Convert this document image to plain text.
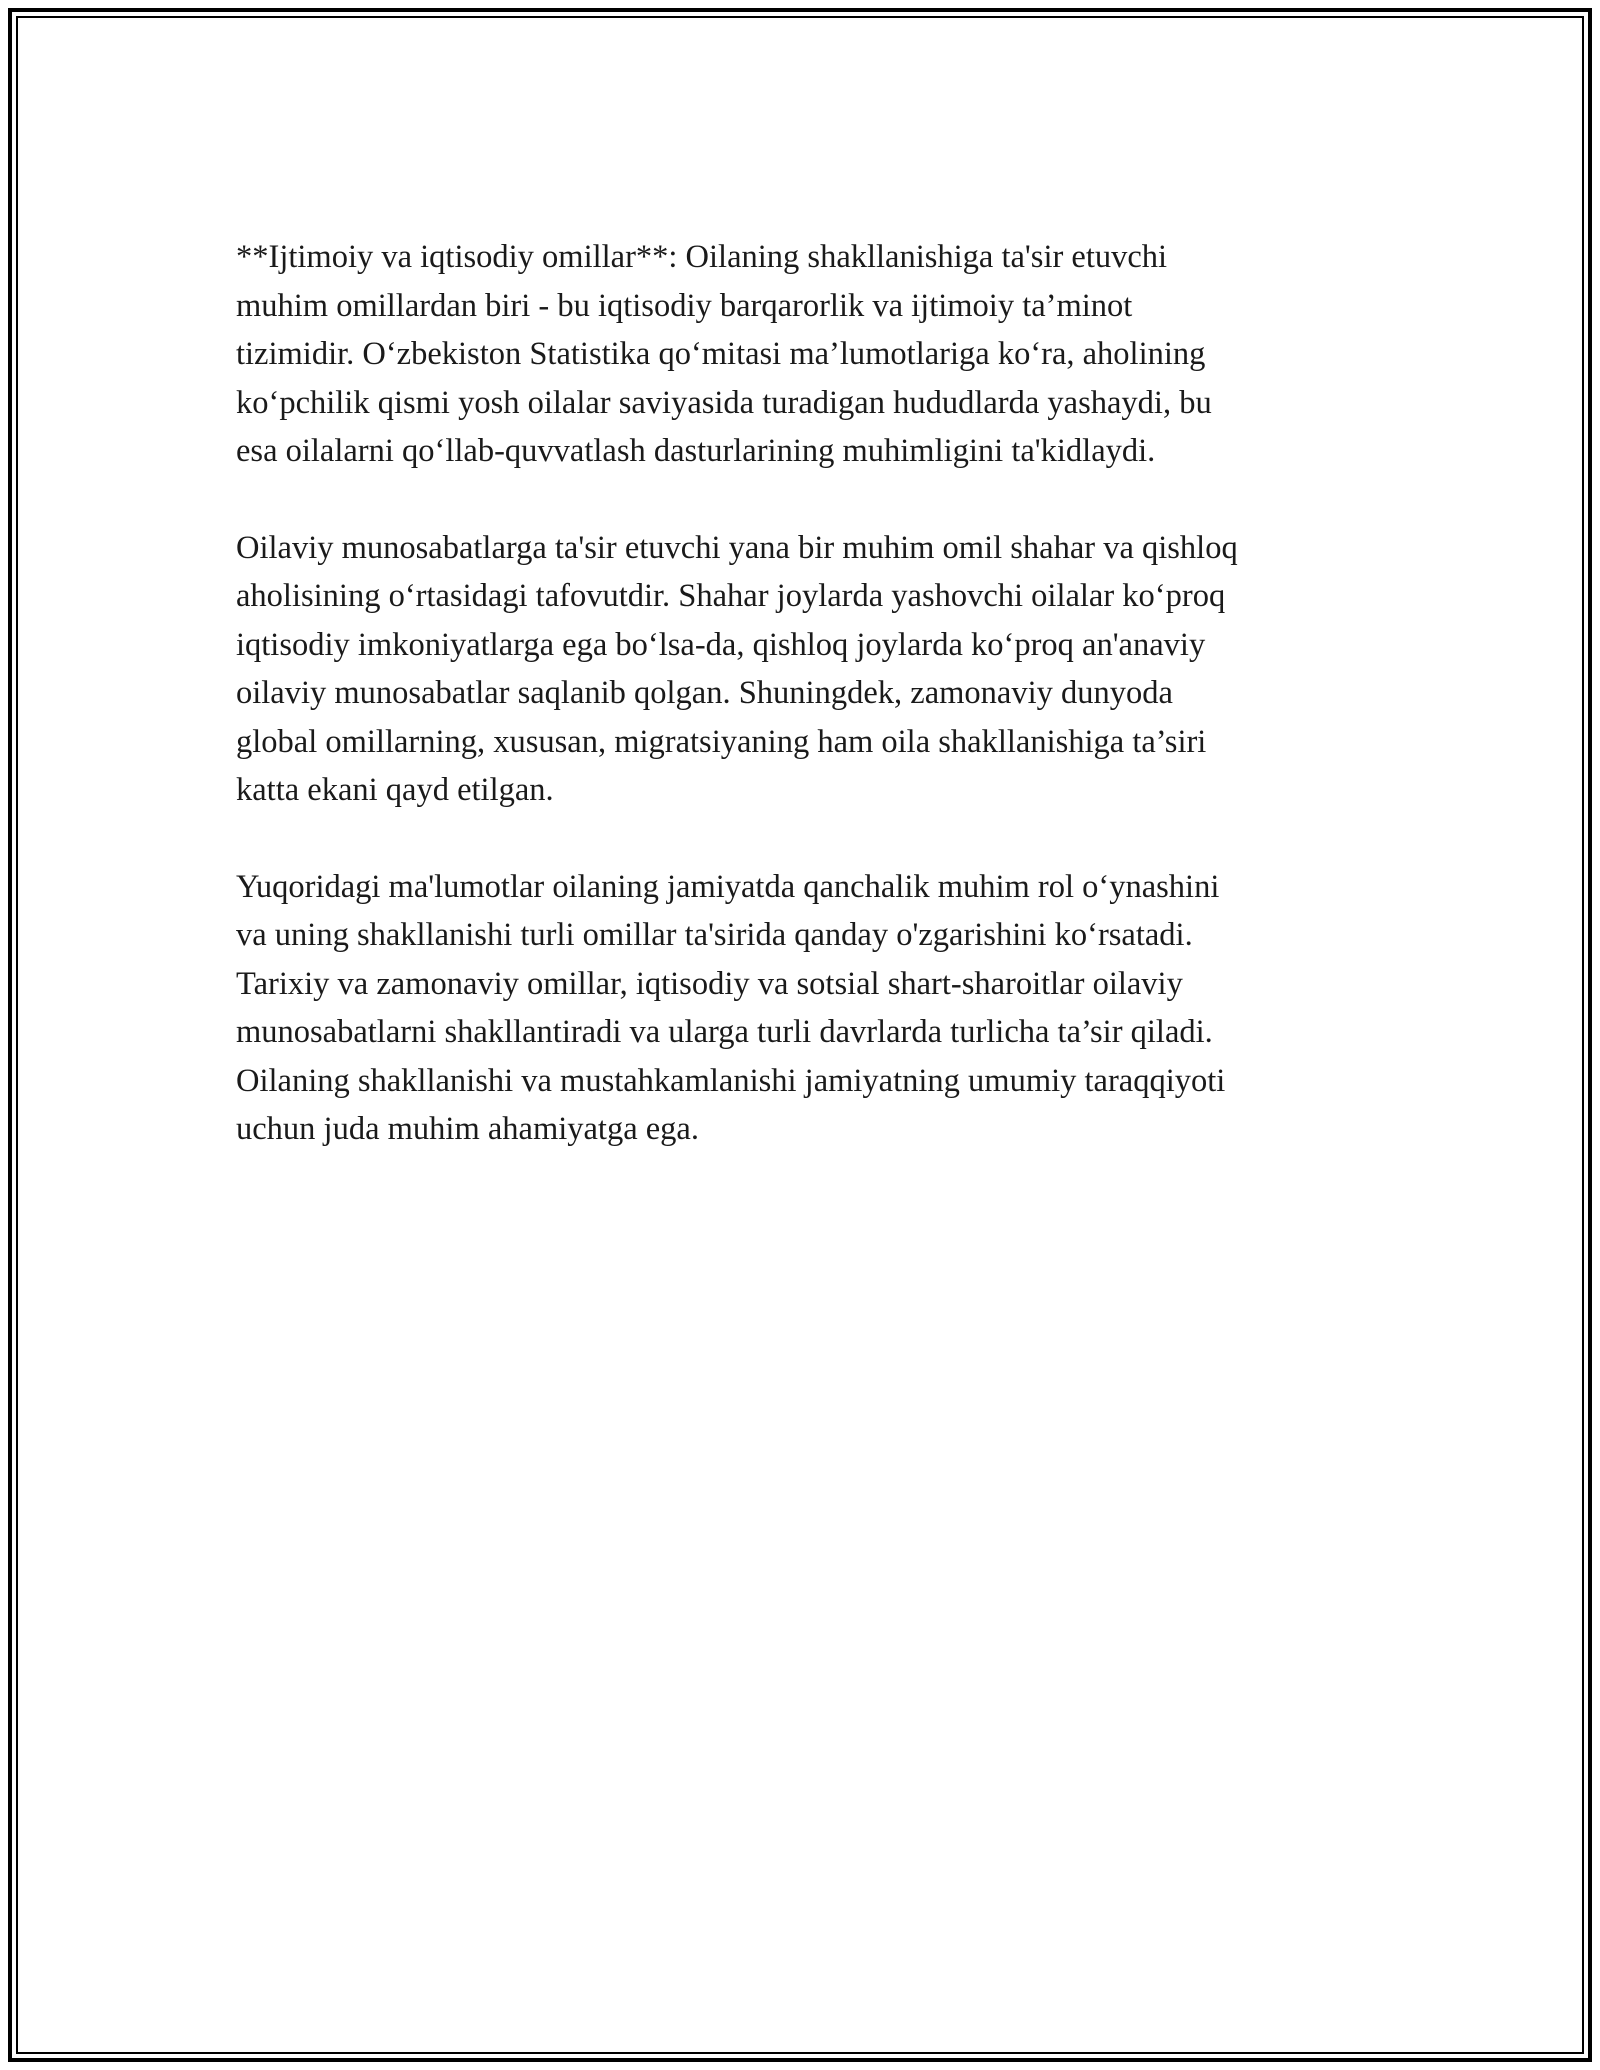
**Ijtimoiy va iqtisodiy omillar**: Oilaning shakllanishiga ta'sir etuvchi
muhim omillardan biri - bu iqtisodiy barqarorlik va ijtimoiy ta’minot
tizimidir. O‘zbekiston Statistika qo‘mitasi ma’lumotlariga ko‘ra, aholining
ko‘pchilik qismi yosh oilalar saviyasida turadigan hududlarda yashaydi, bu
esa oilalarni qo‘llab-quvvatlash dasturlarining muhimligini ta'kidlaydi.

Oilaviy munosabatlarga ta'sir etuvchi yana bir muhim omil shahar va qishloq
aholisining o‘rtasidagi tafovutdir. Shahar joylarda yashovchi oilalar ko‘proq
iqtisodiy imkoniyatlarga ega bo‘lsa-da, qishloq joylarda ko‘proq an'anaviy
oilaviy munosabatlar saqlanib qolgan. Shuningdek, zamonaviy dunyoda
global omillarning, xususan, migratsiyaning ham oila shakllanishiga ta’siri
katta ekani qayd etilgan.

Yuqoridagi ma'lumotlar oilaning jamiyatda qanchalik muhim rol o‘ynashini
va uning shakllanishi turli omillar ta'sirida qanday o'zgarishini ko‘rsatadi.
Tarixiy va zamonaviy omillar, iqtisodiy va sotsial shart-sharoitlar oilaviy
munosabatlarni shakllantiradi va ularga turli davrlarda turlicha ta’sir qiladi.
Oilaning shakllanishi va mustahkamlanishi jamiyatning umumiy taraqqiyoti
uchun juda muhim ahamiyatga ega.
